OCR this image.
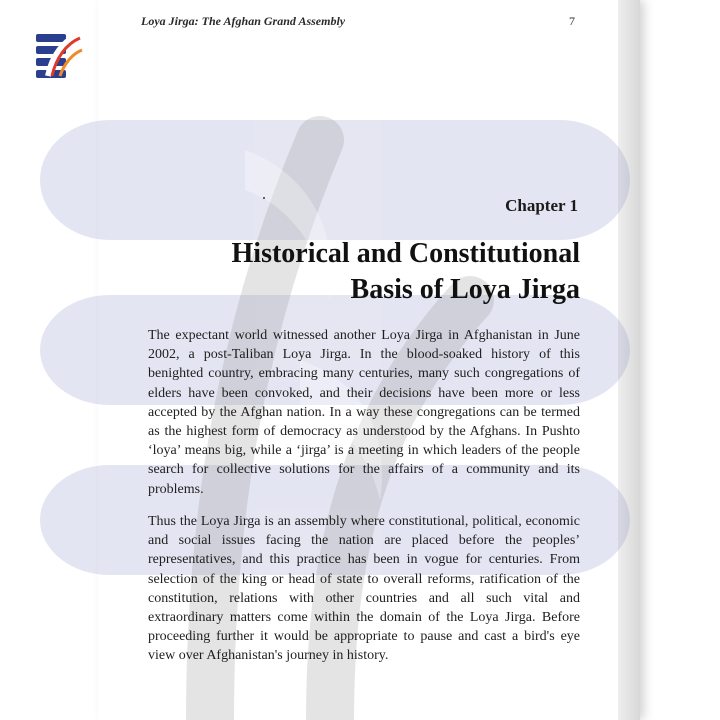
Loya Jirga: The Afghan Grand Assembly	7
Chapter 1
Historical and Constitutional
Basis of Loya Jirga
The expectant world witnessed another Loya Jirga in Afghanistan in June 2002, a post-Taliban Loya Jirga. In the blood-soaked history of this benighted country, embracing many centuries, many such congregations of elders have been convoked, and their decisions have been more or less accepted by the Afghan nation. In a way these congregations can be termed as the highest form of democracy as understood by the Afghans. In Pushto ‘loya’ means big, while a ‘jirga’ is a meeting in which leaders of the people search for collective solutions for the affairs of a community and its problems.
Thus the Loya Jirga is an assembly where constitutional, political, economic and social issues facing the nation are placed before the peoples’ representatives, and this practice has been in vogue for centuries. From selection of the king or head of state to overall reforms, ratification of the constitution, relations with other countries and all such vital and extraordinary matters come within the domain of the Loya Jirga. Before proceeding further it would be appropriate to pause and cast a bird's eye view over Afghanistan's journey in history.
